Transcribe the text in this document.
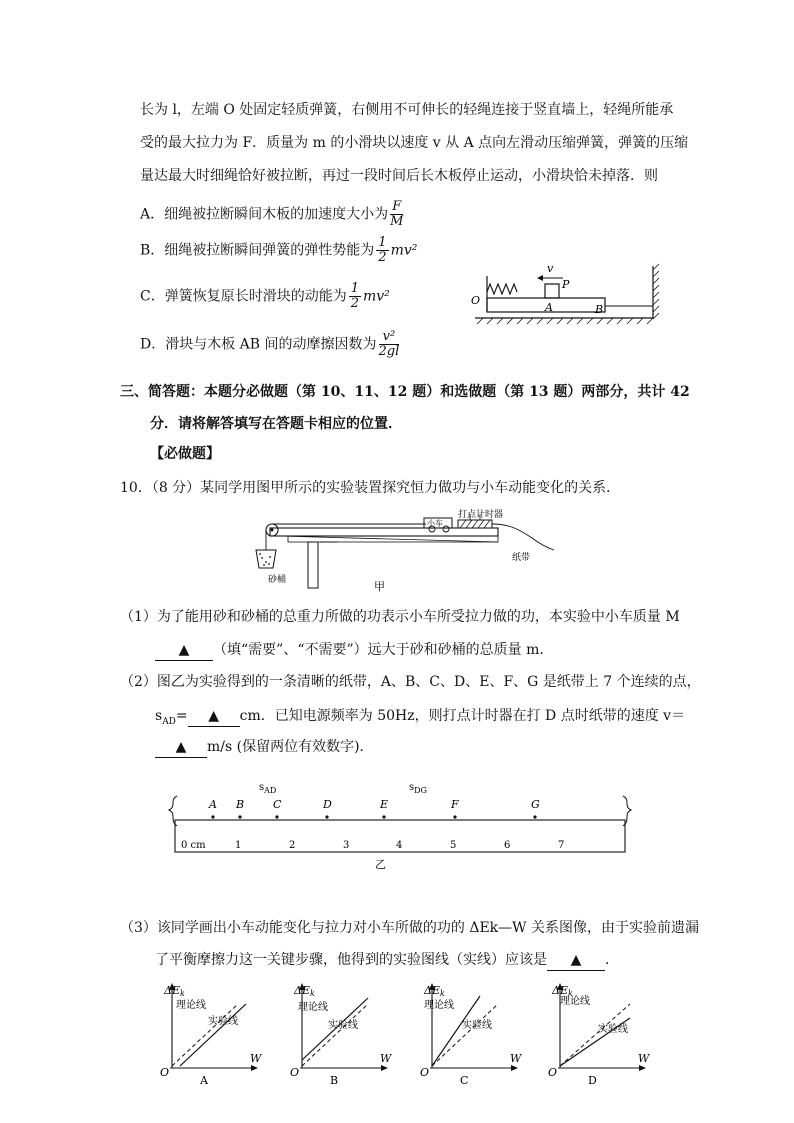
长为 l，左端 O 处固定轻质弹簧，右侧用不可伸长的轻绳连接于竖直墙上，轻绳所能承
受的最大拉力为 F．质量为 m 的小滑块以速度 v 从 A 点向左滑动压缩弹簧，弹簧的压缩
量达最大时细绳恰好被拉断，再过一段时间后长木板停止运动，小滑块恰未掉落．则
A．细绳被拉断瞬间木板的加速度大小为 $\frac{F}{M}$
B．细绳被拉断瞬间弹簧的弹性势能为 $\frac{1}{2} mv^2$
C．弹簧恢复原长时滑块的动能为 $\frac{1}{2} mv^2$
D．滑块与木板 AB 间的动摩擦因数为 $\frac{\text{v²}}{2gl}$
v
P
O
A	B
三、简答题：本题分必做题（第 10、11、12 题）和选做题（第 13 题）两部分，共计 42
分．请将解答填写在答题卡相应的位置．
【必做题】
10．（8 分）某同学用图甲所示的实验装置探究恒力做功与小车动能变化的关系．
小车
打点计时器
纸带
砂桶	甲
（1）为了能用砂和砂桶的总重力所做的功表示小车所受拉力做的功，本实验中小车质量 M
▲ （填“需要”、“不需要”）远大于砂和砂桶的总质量 m．
（2）图乙为实验得到的一条清晰的纸带，A、B、C、D、E、F、G 是纸带上 7 个连续的点，
$s_{AD}=$ ▲ cm．已知电源频率为 50Hz，则打点计时器在打 D 点时纸带的速度 v＝
▲ m/s (保留两位有效数字)．
$s_{AD}$	$s_{DG}$
A B	C	D	E	F	G
0 cm	1	2	3	4	5	6	7
乙
（3）该同学画出小车动能变化与拉力对小车所做的功的 ΔEk—W 关系图像，由于实验前遗漏
了平衡摩擦力这一关键步骤，他得到的实验图线（实线）应该是 ▲ ．
ΔEk
W
O
理论线
实验线
A
ΔEk
W
O
理论线
实验线
B
ΔEk
W
O
理论线
实验线
C
ΔEk
W
O
理论线
实验线
D
